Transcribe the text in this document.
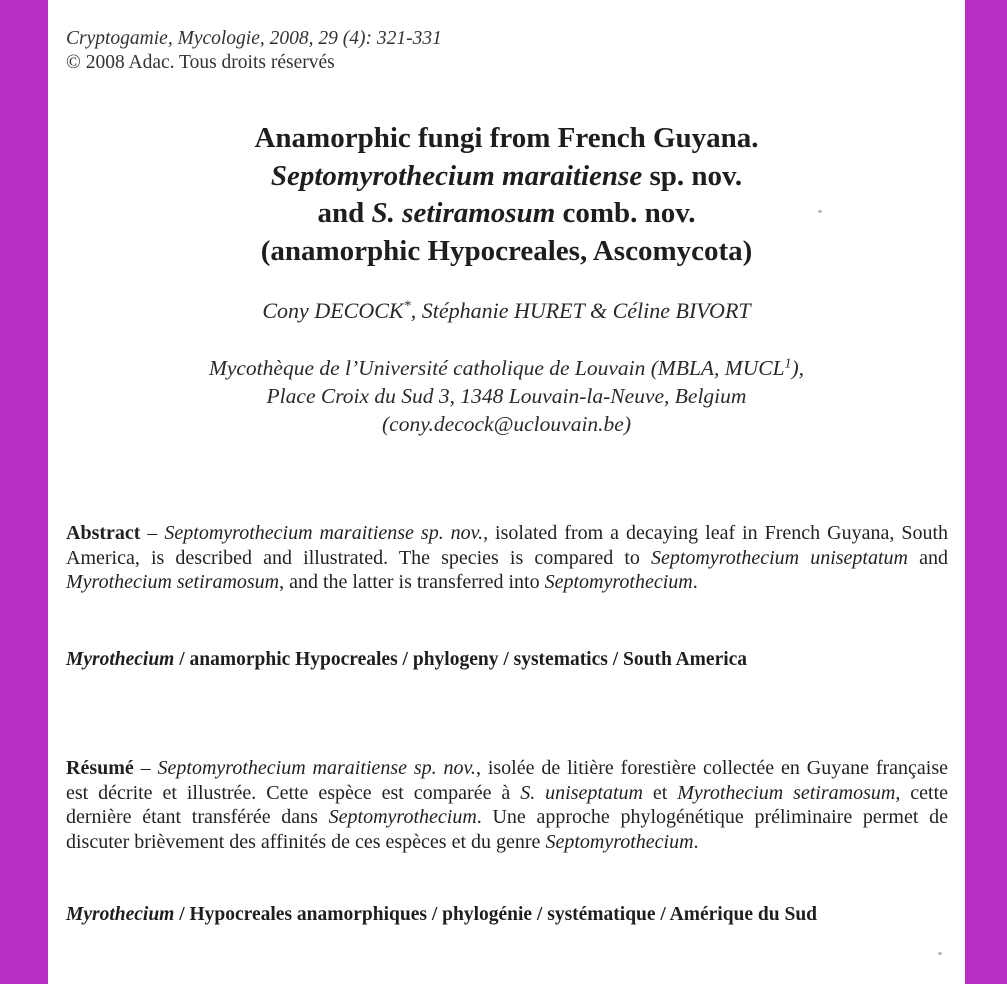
Cryptogamie, Mycologie, 2008, 29 (4): 321-331
© 2008 Adac. Tous droits réservés
Anamorphic fungi from French Guyana.
Septomyrothecium maraitiense sp. nov.
and S. setiramosum comb. nov.
(anamorphic Hypocreales, Ascomycota)
Cony DECOCK*, Stéphanie HURET & Céline BIVORT
Mycothèque de l’Université catholique de Louvain (MBLA, MUCL$^1$),
Place Croix du Sud 3, 1348 Louvain-la-Neuve, Belgium
(cony.decock@uclouvain.be)
Abstract – Septomyrothecium maraitiense sp. nov., isolated from a decaying leaf in French Guyana, South America, is described and illustrated. The species is compared to Septomyrothecium uniseptatum and Myrothecium setiramosum, and the latter is transferred into Septomyrothecium.
Myrothecium / anamorphic Hypocreales / phylogeny / systematics / South America
Résumé – Septomyrothecium maraitiense sp. nov., isolée de litière forestière collectée en Guyane française est décrite et illustrée. Cette espèce est comparée à S. uniseptatum et Myrothecium setiramosum, cette dernière étant transférée dans Septomyrothecium. Une approche phylogénétique préliminaire permet de discuter brièvement des affinités de ces espèces et du genre Septomyrothecium.
Myrothecium / Hypocreales anamorphiques / phylogénie / systématique / Amérique du Sud
